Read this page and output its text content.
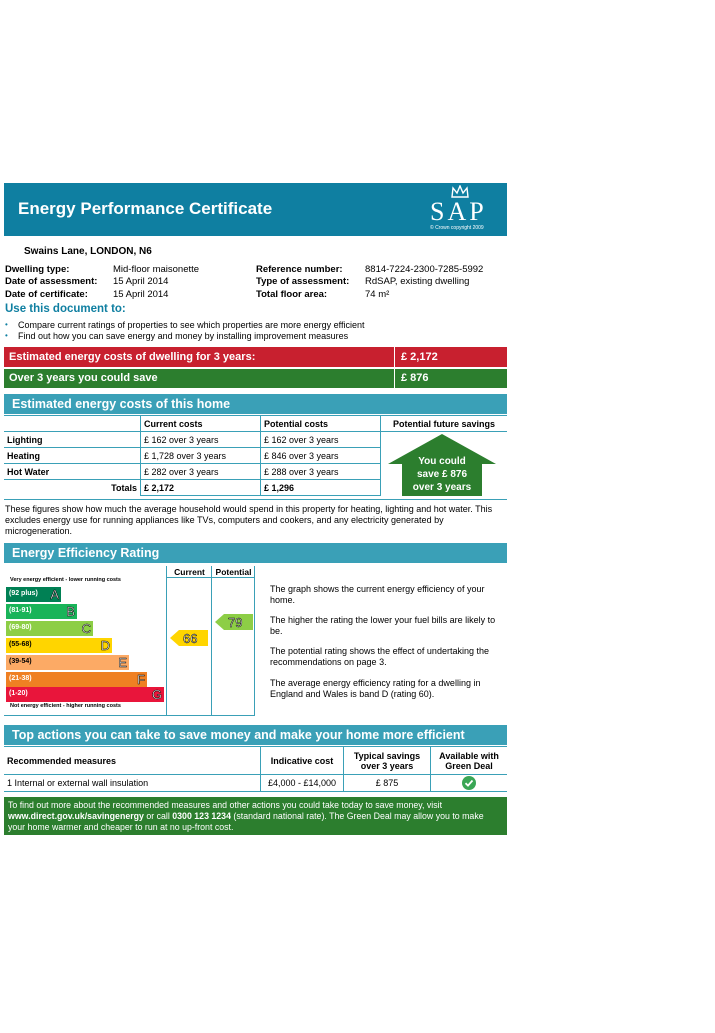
Energy Performance Certificate	SAP
© Crown copyright 2009
Swains Lane, LONDON, N6
Dwelling type:	Mid-floor maisonette
Date of assessment: 15 April 2014
Date of certificate:	15 April 2014
Reference number: 8814-7224-2300-7285-5992
Type of assessment: RdSAP, existing dwelling
Total floor area:	74 m²
Use this document to:
• Compare current ratings of properties to see which properties are more energy efficient
• Find out how you can save energy and money by installing improvement measures
Estimated energy costs of dwelling for 3 years:	£ 2,172
Over 3 years you could save	£ 876
Estimated energy costs of this home
	Current costs	Potential costs	Potential future savings
Lighting	£ 162 over 3 years	£ 162 over 3 years	You could
save £ 876
over 3 years

Heating	£ 1,728 over 3 years	£ 846 over 3 years	
Hot Water	£ 282 over 3 years	£ 288 over 3 years	
Totals	£ 2,172	£ 1,296	
These figures show how much the average household would spend in this property for heating, lighting and hot water. This excludes energy use for running appliances like TVs, computers and cookers, and any electricity generated by microgeneration.
Energy Efficiency Rating
Current	Potential
Very energy efficient - lower running costs
Not energy efficient - higher running costs
(92 plus) A
(81-91)	B
(69-80)	C
(55-68)	D
(39-54)	E
(21-38)	F
(1-20)	G
66
79
The graph shows the current energy efficiency of your home.
The higher the rating the lower your fuel bills are likely to be.
The potential rating shows the effect of undertaking the recommendations on page 3.
The average energy efficiency rating for a dwelling in England and Wales is band D (rating 60).
Top actions you can take to save money and make your home more efficient
Recommended measures	Indicative cost	Typical savings over 3 years	Available with Green Deal
1 Internal or external wall insulation	£4,000 - £14,000	£ 875	
To find out more about the recommended measures and other actions you could take today to save money, visit
www.direct.gov.uk/savingenergy or call 0300 123 1234 (standard national rate). The Green Deal may allow you to make your home warmer and cheaper to run at no up-front cost.
